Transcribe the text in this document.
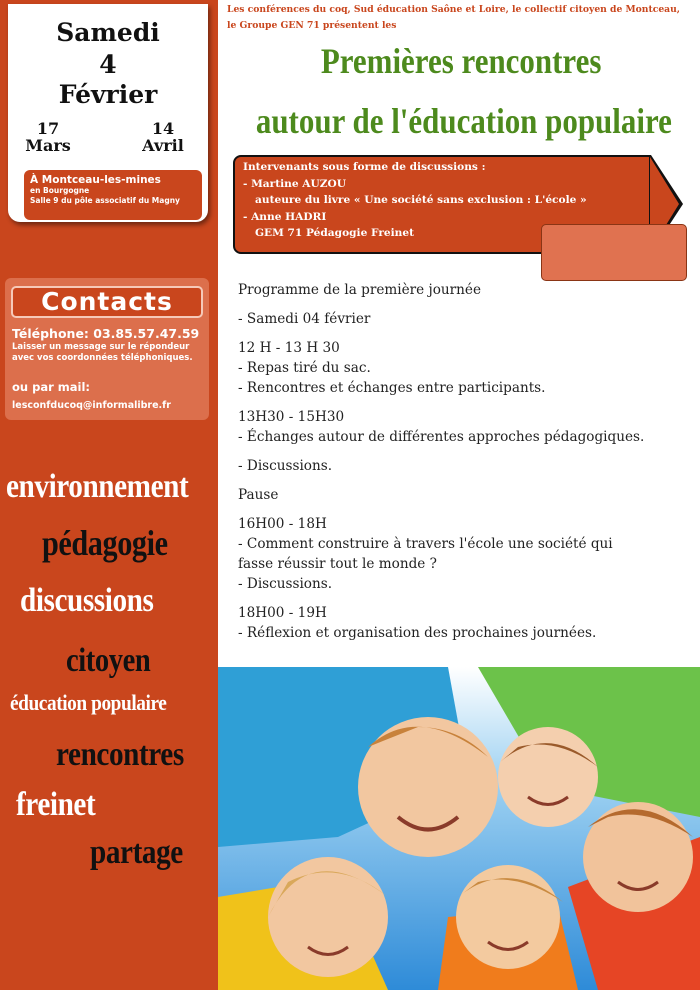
Samedi
4
Février
17
Mars
14
Avril
À Montceau-les-mines
en Bourgogne
Salle 9 du pôle associatif du Magny
Contacts
Téléphone: 03.85.57.47.59
Laisser un message sur le répondeur avec vos coordonnées téléphoniques.
ou par mail:
lesconfducoq@informalibre.fr
environnement
pédagogie
discussions
citoyen
éducation populaire
rencontres
freinet
partage
Les conférences du coq, Sud éducation Saône et Loire, le collectif citoyen de Montceau,
le Groupe GEN 71 présentent les
Premières rencontres
autour de l'éducation populaire
Intervenants sous forme de discussions :
- Martine AUZOU
auteure du livre « Une société sans exclusion : L'école »
- Anne HADRI
GEM 71 Pédagogie Freinet
Programme de la première journée
- Samedi 04 février
12 H - 13 H 30
- Repas tiré du sac.
- Rencontres et échanges entre participants.
13H30 - 15H30
- Échanges autour de différentes approches pédagogiques.
- Discussions.
Pause
16H00 - 18H
- Comment construire à travers l'école une société qui
fasse réussir tout le monde ?
- Discussions.
18H00 - 19H
- Réflexion et organisation des prochaines journées.
